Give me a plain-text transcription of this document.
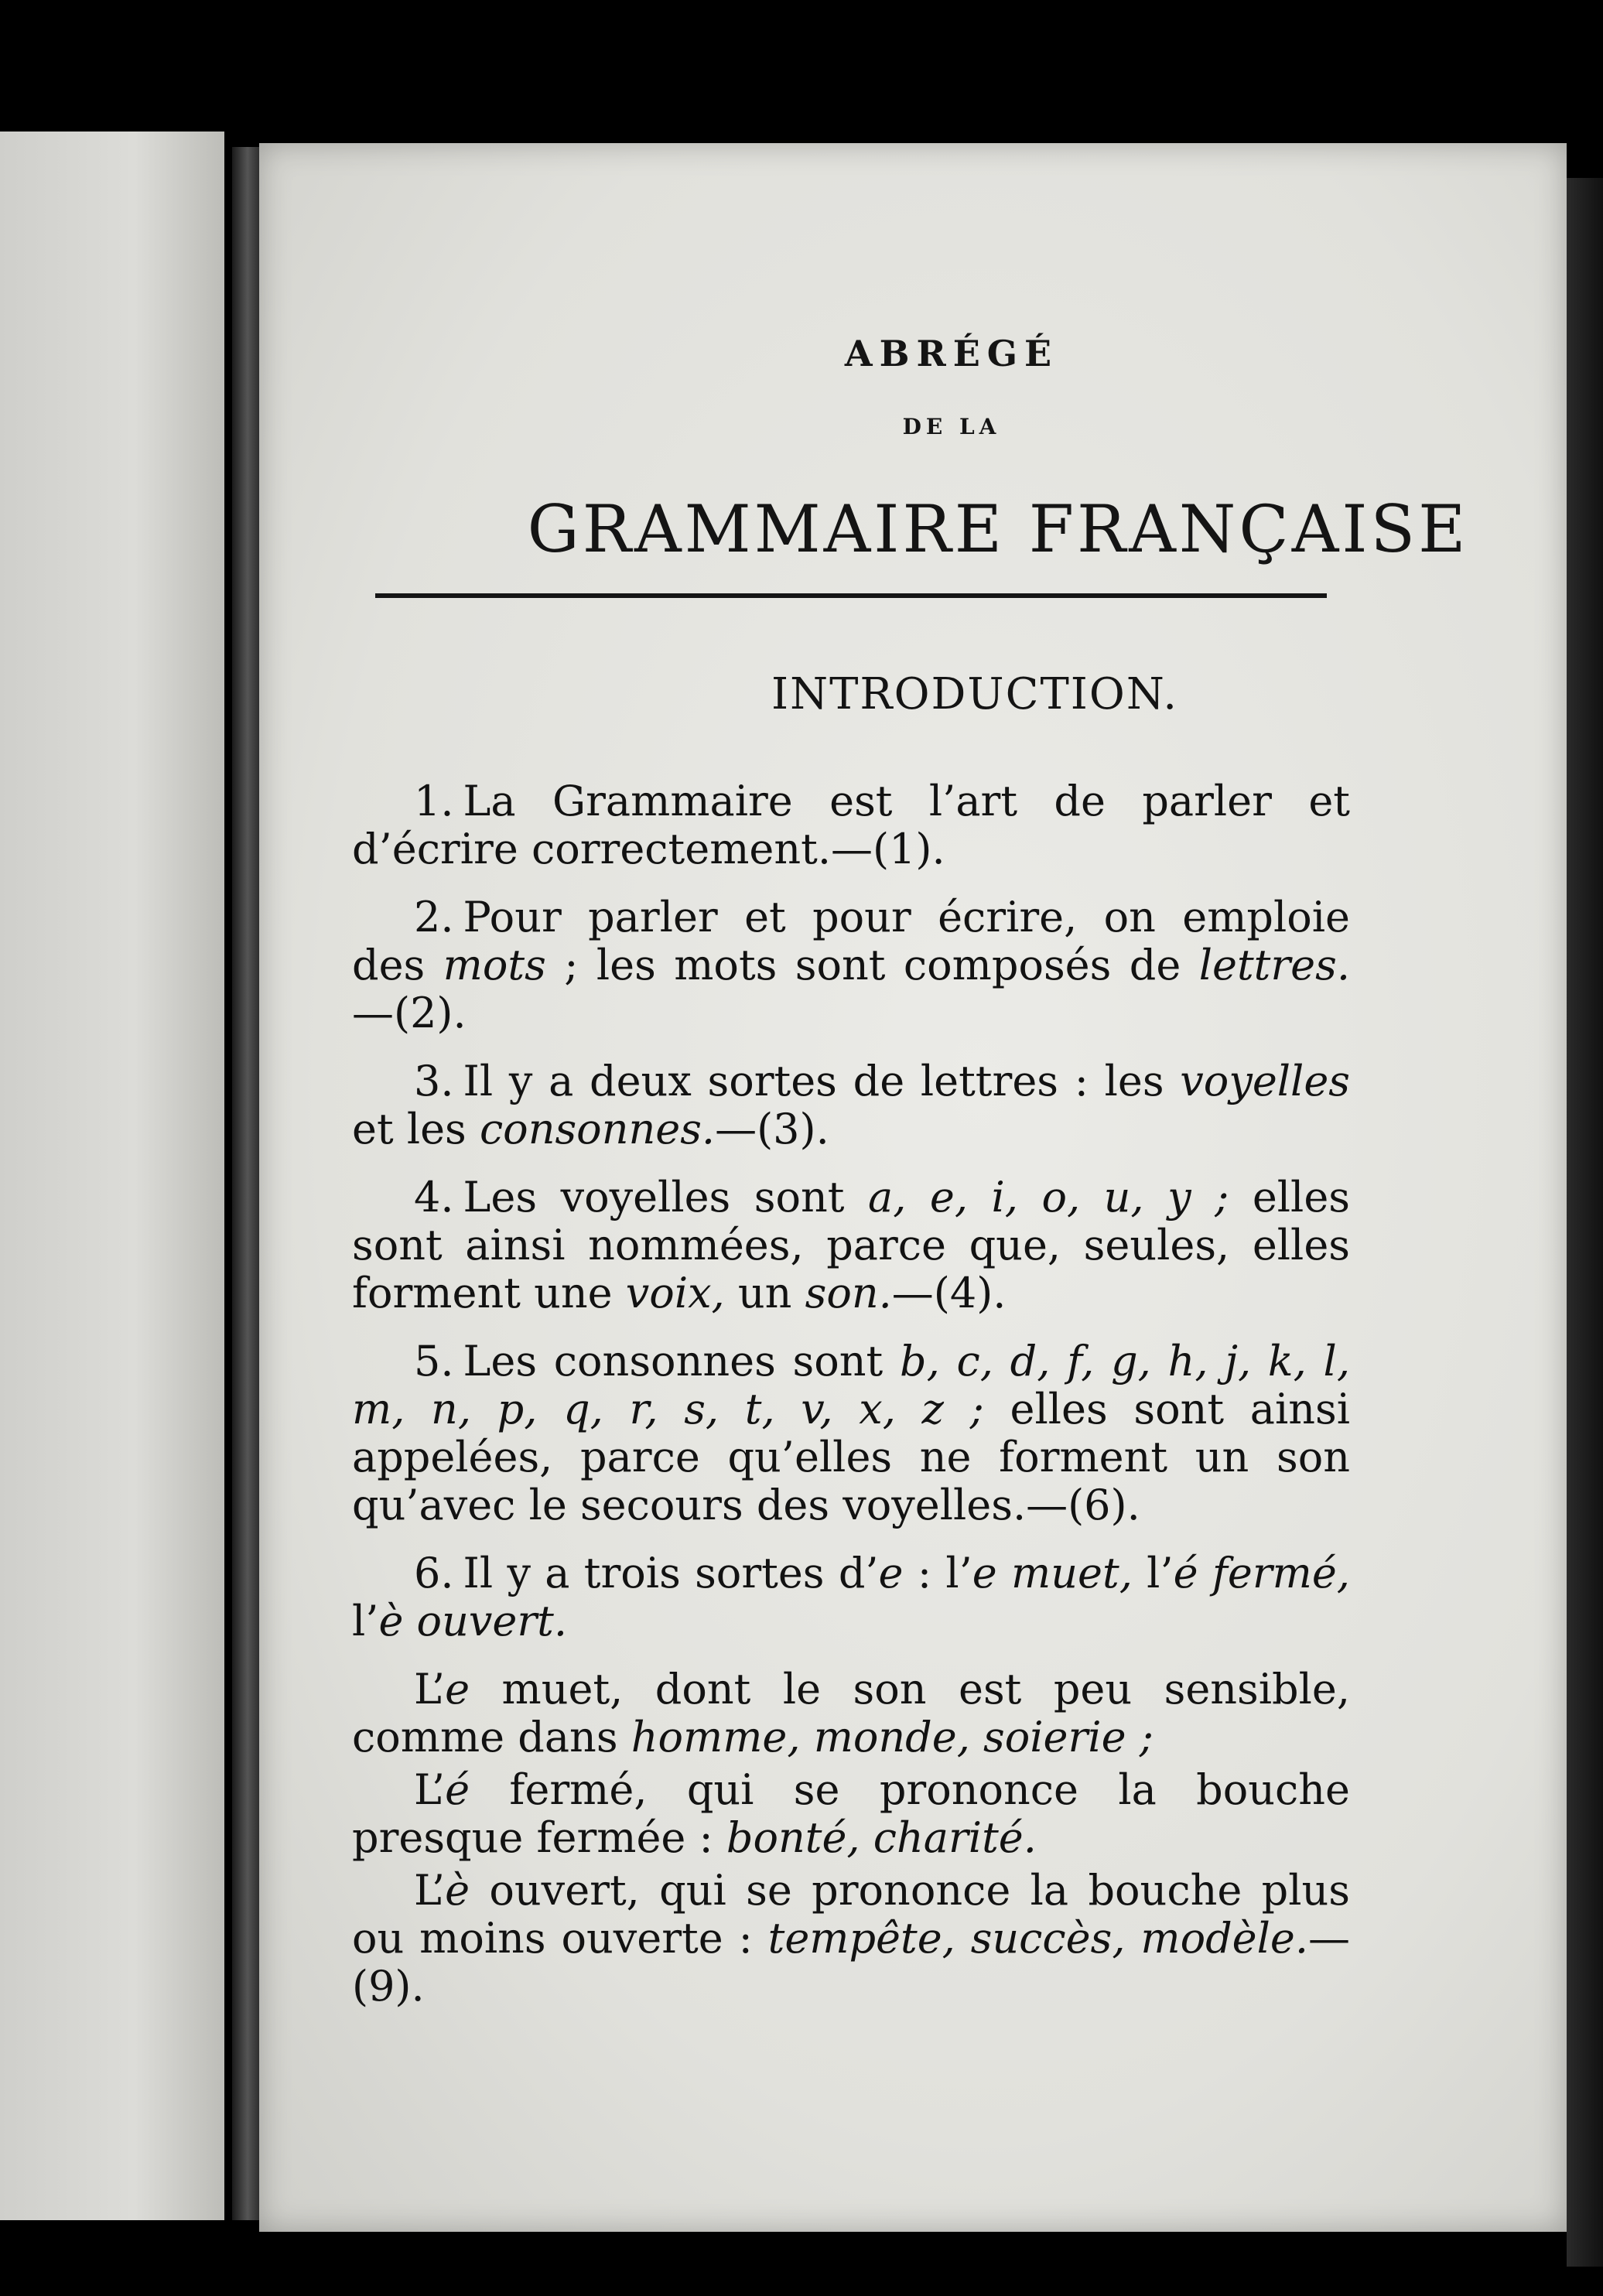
ABRÉGÉ
DE LA
GRAMMAIRE FRANÇAISE
INTRODUCTION.

1. La Grammaire est l’art de parler et d’écrire correctement.—(1).

2. Pour parler et pour écrire, on emploie des mots ; les mots sont composés de lettres.—(2).

3. Il y a deux sortes de lettres : les voyelles et les consonnes.—(3).

4. Les voyelles sont a, e, i, o, u, y ; elles sont ainsi nommées, parce que, seules, elles forment une voix, un son.—(4).

5. Les consonnes sont b, c, d, f, g, h, j, k, l, m, n, p, q, r, s, t, v, x, z ; elles sont ainsi appelées, parce qu’elles ne forment un son qu’avec le secours des voyelles.—(6).

6. Il y a trois sortes d’e : l’e muet, l’é fermé, l’è ouvert.

L’e muet, dont le son est peu sensible, comme dans homme, monde, soierie ;

L’é fermé, qui se prononce la bouche presque fermée : bonté, charité.

L’è ouvert, qui se prononce la bouche plus ou moins ouverte : tempête, succès, modèle.—(9).
